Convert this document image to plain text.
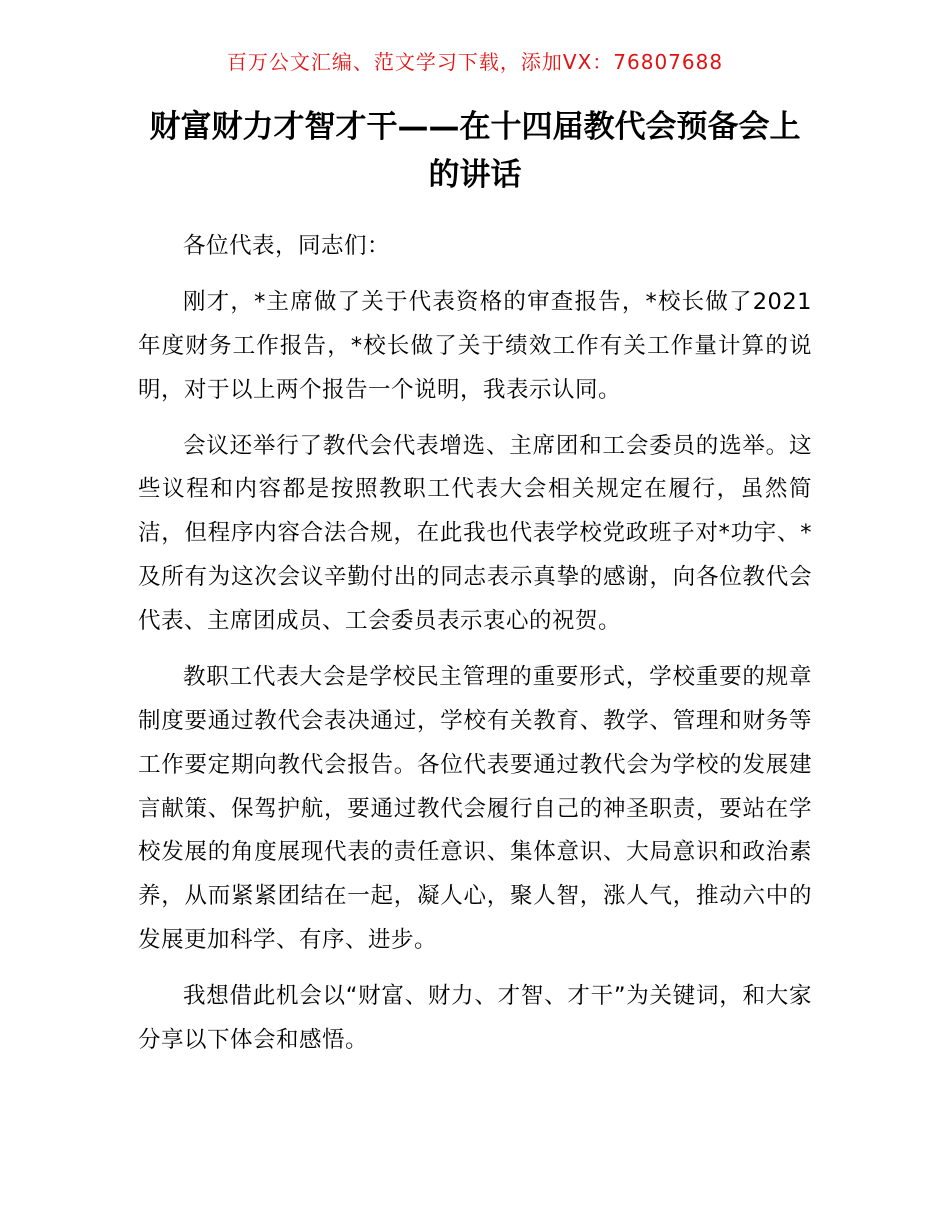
百万公文汇编、范文学习下载，添加VX：76807688
财富财力才智才干——在十四届教代会预备会上的讲话

各位代表，同志们：

刚才，*主席做了关于代表资格的审查报告，*校长做了2021 年度财务工作报告，*校长做了关于绩效工作有关工作量计算的说明，对于以上两个报告一个说明，我表示认同。

会议还举行了教代会代表增选、主席团和工会委员的选举。这些议程和内容都是按照教职工代表大会相关规定在履行，虽然简洁，但程序内容合法合规，在此我也代表学校党政班子对*功宇、*及所有为这次会议辛勤付出的同志表示真挚的感谢，向各位教代会代表、主席团成员、工会委员表示衷心的祝贺。

教职工代表大会是学校民主管理的重要形式，学校重要的规章制度要通过教代会表决通过，学校有关教育、教学、管理和财务等工作要定期向教代会报告。各位代表要通过教代会为学校的发展建言献策、保驾护航，要通过教代会履行自己的神圣职责，要站在学校发展的角度展现代表的责任意识、集体意识、大局意识和政治素养，从而紧紧团结在一起，凝人心，聚人智，涨人气，推动六中的发展更加科学、有序、进步。

我想借此机会以“财富、财力、才智、才干”为关键词，和大家分享以下体会和感悟。
